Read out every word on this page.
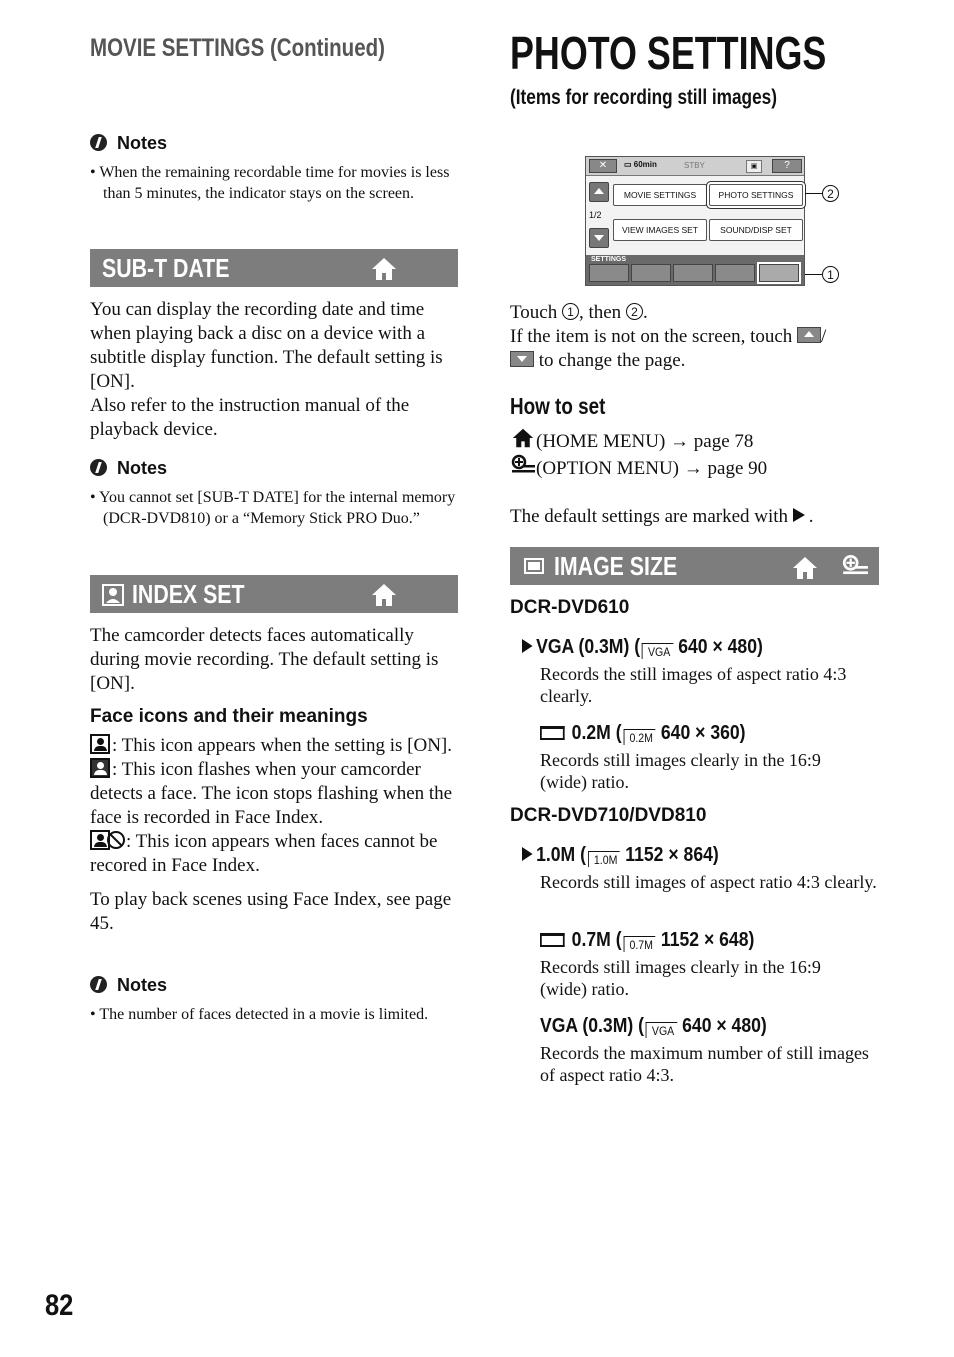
MOVIE SETTINGS (Continued)
Notes
• When the remaining recordable time for movies is less than 5 minutes, the indicator stays on the screen.
SUB-T DATE
You can display the recording date and time when playing back a disc on a device with a subtitle display function. The default setting is [ON].
Also refer to the instruction manual of the playback device.
Notes
• You cannot set [SUB-T DATE] for the internal memory (DCR-DVD810) or a “Memory Stick PRO Duo.”
INDEX SET
The camcorder detects faces automatically during movie recording. The default setting is [ON].
Face icons and their meanings
: This icon appears when the setting is [ON].
: This icon flashes when your camcorder detects a face. The icon stops flashing when the face is recorded in Face Index.
: This icon appears when faces cannot be recored in Face Index.
To play back scenes using Face Index, see page 45.
Notes
• The number of faces detected in a movie is limited.
82
PHOTO SETTINGS
(Items for recording still images)
✕	▭ 60min	STBY	▣	?
1/2
MOVIE SETTINGS	PHOTO SETTINGS
VIEW IMAGES SET	SOUND/DISP SET
SETTINGS
2
1
Touch 1 , then 2 .
If the item is not on the screen, touch /
to change the page.
How to set
(HOME MENU) → page 78
(OPTION MENU) → page 90
The default settings are marked with .
IMAGE SIZE
DCR-DVD610
VGA (0.3M) ( VGA 640 × 480)
Records the still images of aspect ratio 4:3 clearly.
0.2M ( 0.2M 640 × 360)
Records still images clearly in the 16:9 (wide) ratio.
DCR-DVD710/DVD810
1.0M ( 1.0M 1152 × 864)
Records still images of aspect ratio 4:3 clearly.
0.7M ( 0.7M 1152 × 648)
Records still images clearly in the 16:9 (wide) ratio.
VGA (0.3M) ( VGA 640 × 480)
Records the maximum number of still images of aspect ratio 4:3.
